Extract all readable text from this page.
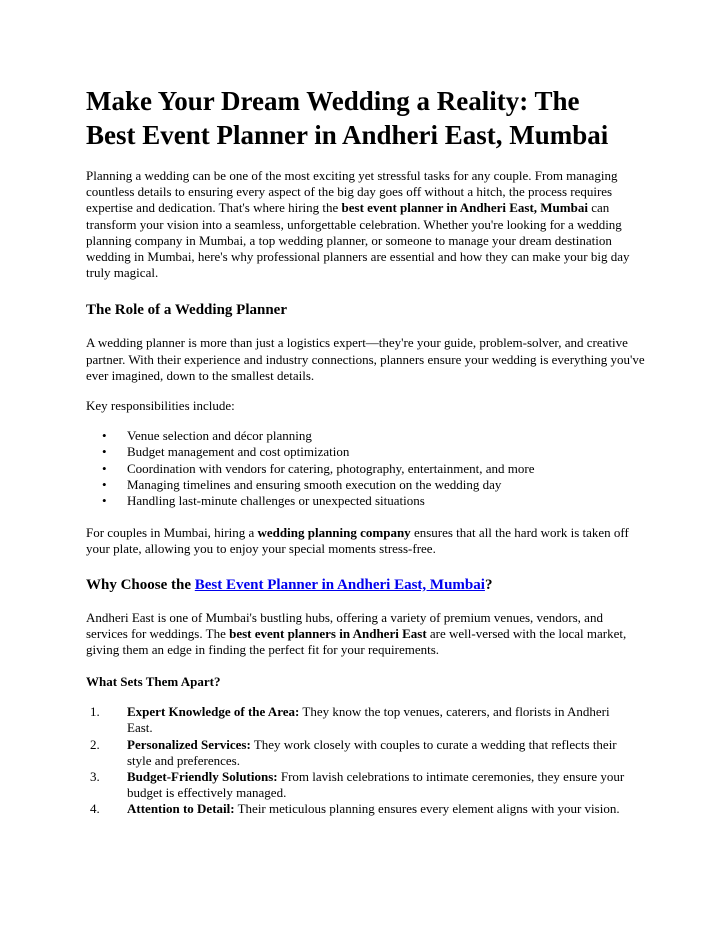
Make Your Dream Wedding a Reality: The Best Event Planner in Andheri East, Mumbai

Planning a wedding can be one of the most exciting yet stressful tasks for any couple. From managing countless details to ensuring every aspect of the big day goes off without a hitch, the process requires expertise and dedication. That's where hiring the best event planner in Andheri East, Mumbai can transform your vision into a seamless, unforgettable celebration. Whether you're looking for a wedding planning company in Mumbai, a top wedding planner, or someone to manage your dream destination wedding in Mumbai, here's why professional planners are essential and how they can make your big day truly magical.

The Role of a Wedding Planner

A wedding planner is more than just a logistics expert—they're your guide, problem-solver, and creative partner. With their experience and industry connections, planners ensure your wedding is everything you've ever imagined, down to the smallest details.

Key responsibilities include:

• Venue selection and décor planning
• Budget management and cost optimization
• Coordination with vendors for catering, photography, entertainment, and more
• Managing timelines and ensuring smooth execution on the wedding day
• Handling last-minute challenges or unexpected situations

For couples in Mumbai, hiring a wedding planning company ensures that all the hard work is taken off your plate, allowing you to enjoy your special moments stress-free.

Why Choose the Best Event Planner in Andheri East, Mumbai?

Andheri East is one of Mumbai's bustling hubs, offering a variety of premium venues, vendors, and services for weddings. The best event planners in Andheri East are well-versed with the local market, giving them an edge in finding the perfect fit for your requirements.

What Sets Them Apart?
1.	Expert Knowledge of the Area: They know the top venues, caterers, and florists in Andheri East.
2.	Personalized Services: They work closely with couples to curate a wedding that reflects their style and preferences.
3.	Budget-Friendly Solutions: From lavish celebrations to intimate ceremonies, they ensure your budget is effectively managed.
4.	Attention to Detail: Their meticulous planning ensures every element aligns with your vision.
